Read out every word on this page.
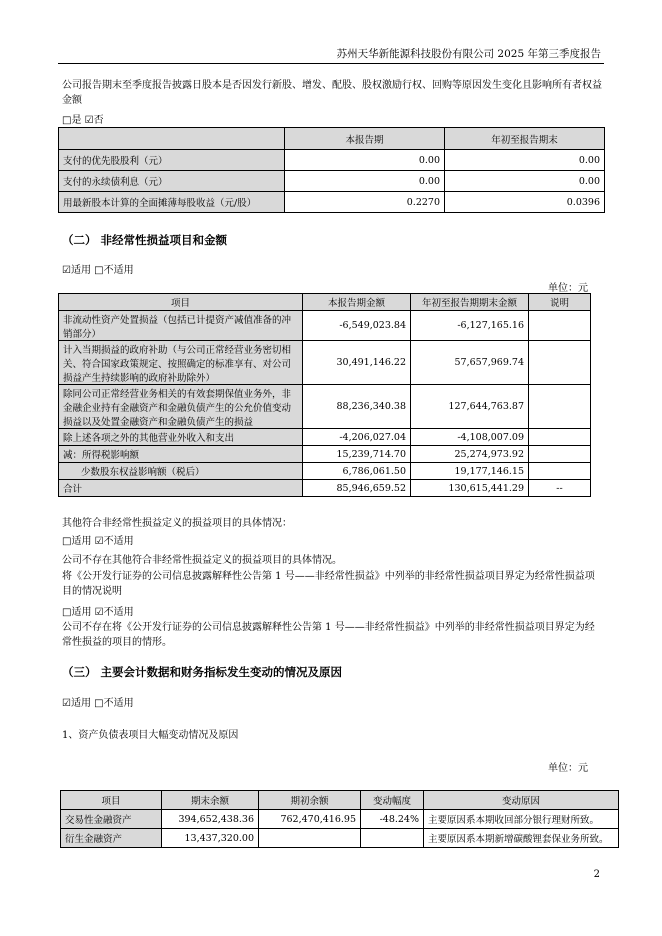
苏州天华新能源科技股份有限公司 2025 年第三季度报告
公司报告期末至季度报告披露日股本是否因发行新股、增发、配股、股权激励行权、回购等原因发生变化且影响所有者权益金额
□是 ☑否
	本报告期	年初至报告期末
支付的优先股股利（元）	0.00	0.00
支付的永续债利息（元）	0.00	0.00
用最新股本计算的全面摊薄每股收益（元/股）	0.2270	0.0396
（二） 非经常性损益项目和金额
☑适用 □不适用
单位：元
项目	本报告期金额	年初至报告期期末金额	说明
非流动性资产处置损益（包括已计提资产减值准备的冲销部分）	-6,549,023.84	-6,127,165.16	
计入当期损益的政府补助（与公司正常经营业务密切相关、符合国家政策规定、按照确定的标准享有、对公司损益产生持续影响的政府补助除外）	30,491,146.22	57,657,969.74	
除同公司正常经营业务相关的有效套期保值业务外，非金融企业持有金融资产和金融负债产生的公允价值变动损益以及处置金融资产和金融负债产生的损益	88,236,340.38	127,644,763.87	
除上述各项之外的其他营业外收入和支出	-4,206,027.04	-4,108,007.09	
减：所得税影响额	15,239,714.70	25,274,973.92	
少数股东权益影响额（税后）	6,786,061.50	19,177,146.15	
合计	85,946,659.52	130,615,441.29	--
其他符合非经常性损益定义的损益项目的具体情况：
□适用 ☑不适用
公司不存在其他符合非经常性损益定义的损益项目的具体情况。
将《公开发行证券的公司信息披露解释性公告第 1 号——非经常性损益》中列举的非经常性损益项目界定为经常性损益项目的情况说明
□适用 ☑不适用
公司不存在将《公开发行证券的公司信息披露解释性公告第 1 号——非经常性损益》中列举的非经常性损益项目界定为经常性损益的项目的情形。
（三） 主要会计数据和财务指标发生变动的情况及原因
☑适用 □不适用
1、资产负债表项目大幅变动情况及原因
单位：元
项目	期末余额	期初余额	变动幅度	变动原因
交易性金融资产	394,652,438.36	762,470,416.95	-48.24%	主要原因系本期收回部分银行理财所致。
衍生金融资产	13,437,320.00			主要原因系本期新增碳酸锂套保业务所致。
2
